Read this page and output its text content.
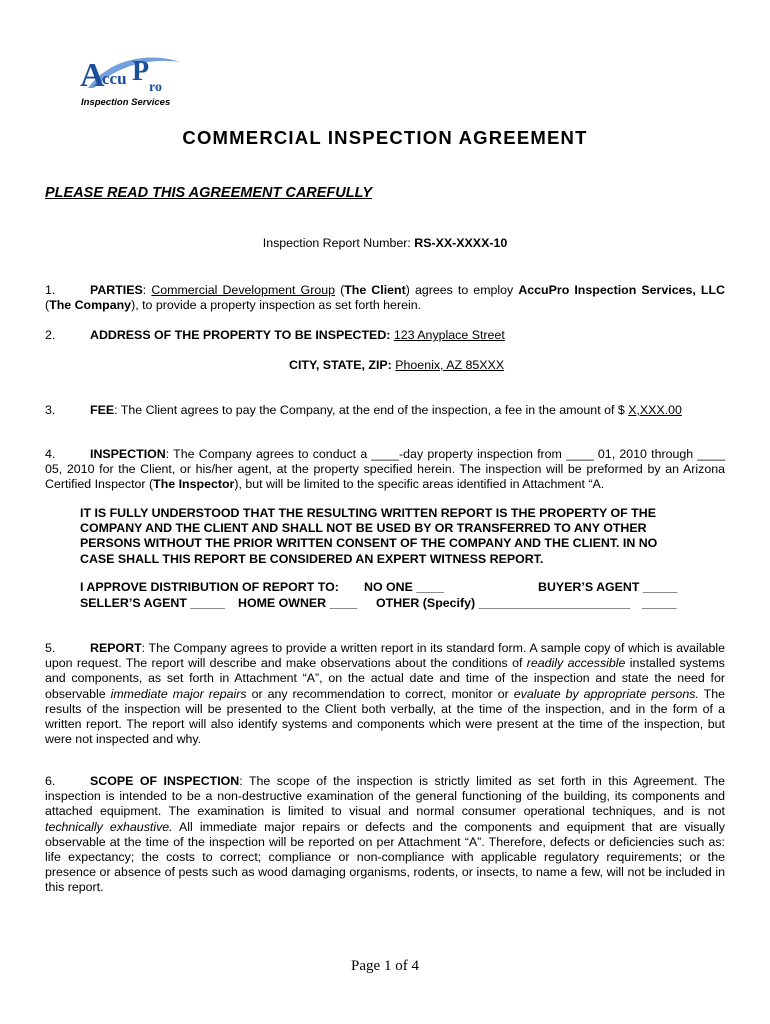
A
ccu P
ro
Inspection Services
COMMERCIAL INSPECTION AGREEMENT
PLEASE READ THIS AGREEMENT CAREFULLY
Inspection Report Number: RS-XX-XXXX-10
1.	PARTIES: Commercial Development Group (The Client) agrees to employ AccuPro Inspection Services, LLC (The Company), to provide a property inspection as set forth herein.
2.	ADDRESS OF THE PROPERTY TO BE INSPECTED: 123 Anyplace Street
CITY, STATE, ZIP: Phoenix, AZ 85XXX
3.	FEE: The Client agrees to pay the Company, at the end of the inspection, a fee in the amount of $ X,XXX.00
4.	INSPECTION: The Company agrees to conduct a ____-day property inspection from ____ 01, 2010 through ____ 05, 2010 for the Client, or his/her agent, at the property specified herein. The inspection will be preformed by an Arizona Certified Inspector (The Inspector), but will be limited to the specific areas identified in Attachment “A.
IT IS FULLY UNDERSTOOD THAT THE RESULTING WRITTEN REPORT IS THE PROPERTY OF THE COMPANY AND THE CLIENT AND SHALL NOT BE USED BY OR TRANSFERRED TO ANY OTHER PERSONS WITHOUT THE PRIOR WRITTEN CONSENT OF THE COMPANY AND THE CLIENT. IN NO CASE SHALL THIS REPORT BE CONSIDERED AN EXPERT WITNESS REPORT.
I APPROVE DISTRIBUTION OF REPORT TO: NO ONE ____	BUYER’S AGENT _____
SELLER’S AGENT _____ HOME OWNER ____ OTHER (Specify) ______________________ _____
5.	REPORT: The Company agrees to provide a written report in its standard form. A sample copy of which is available upon request. The report will describe and make observations about the conditions of readily accessible installed systems and components, as set forth in Attachment “A”, on the actual date and time of the inspection and state the need for observable immediate major repairs or any recommendation to correct, monitor or evaluate by appropriate persons. The results of the inspection will be presented to the Client both verbally, at the time of the inspection, and in the form of a written report. The report will also identify systems and components which were present at the time of the inspection, but were not inspected and why.
6.	SCOPE OF INSPECTION: The scope of the inspection is strictly limited as set forth in this Agreement. The inspection is intended to be a non-destructive examination of the general functioning of the building, its components and attached equipment. The examination is limited to visual and normal consumer operational techniques, and is not technically exhaustive. All immediate major repairs or defects and the components and equipment that are visually observable at the time of the inspection will be reported on per Attachment “A”. Therefore, defects or deficiencies such as: life expectancy; the costs to correct; compliance or non-compliance with applicable regulatory requirements; or the presence or absence of pests such as wood damaging organisms, rodents, or insects, to name a few, will not be included in this report.
Page 1 of 4
